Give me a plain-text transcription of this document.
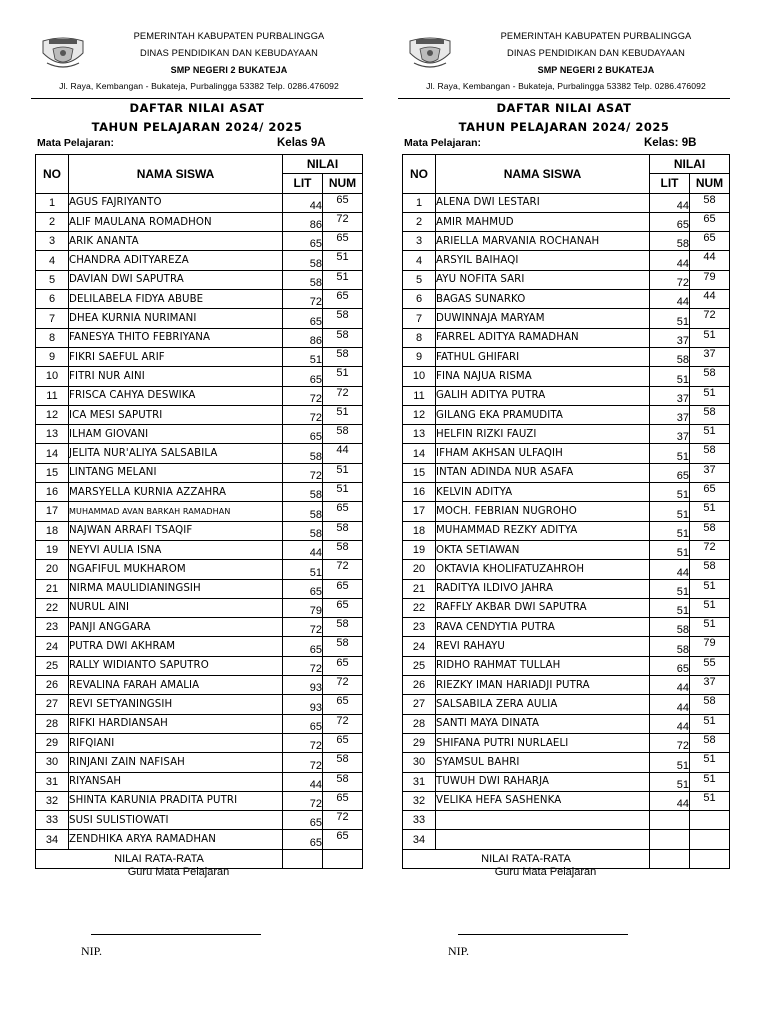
PEMERINTAH KABUPATEN PURBALINGGA
DINAS PENDIDIKAN DAN KEBUDAYAAN
SMP NEGERI 2 BUKATEJA
Jl. Raya, Kembangan - Bukateja, Purbalingga 53382 Telp. 0286.476092
DAFTAR NILAI ASAT
TAHUN PELAJARAN 2024/ 2025
Mata Pelajaran:	Kelas 9A
NO	NAMA SISWA	NILAI	
		LIT	NUM
1	AGUS FAJRIYANTO	44	65
2	ALIF MAULANA ROMADHON	86	72
3	ARIK ANANTA	65	65
4	CHANDRA ADITYAREZA	58	51
5	DAVIAN DWI SAPUTRA	58	51
6	DELILABELA FIDYA ABUBE	72	65
7	DHEA KURNIA NURIMANI	65	58
8	FANESYA THITO FEBRIYANA	86	58
9	FIKRI SAEFUL ARIF	51	58
10	FITRI NUR AINI	65	51
11	FRISCA CAHYA DESWIKA	72	72
12	ICA MESI SAPUTRI	72	51
13	ILHAM GIOVANI	65	58
14	JELITA NUR'ALIYA SALSABILA	58	44
15	LINTANG MELANI	72	51
16	MARSYELLA KURNIA AZZAHRA	58	51
17	MUHAMMAD AVAN BARKAH RAMADHAN	58	65
18	NAJWAN ARRAFI TSAQIF	58	58
19	NEYVI AULIA ISNA	44	58
20	NGAFIFUL MUKHAROM	51	72
21	NIRMA MAULIDIANINGSIH	65	65
22	NURUL AINI	79	65
23	PANJI ANGGARA	72	58
24	PUTRA DWI AKHRAM	65	58
25	RALLY WIDIANTO SAPUTRO	72	65
26	REVALINA FARAH AMALIA	93	72
27	REVI SETYANINGSIH	93	65
28	RIFKI HARDIANSAH	65	72
29	RIFQIANI	72	65
30	RINJANI ZAIN NAFISAH	72	58
31	RIYANSAH	44	58
32	SHINTA KARUNIA PRADITA PUTRI	72	65
33	SUSI SULISTIOWATI	65	72
34	ZENDHIKA ARYA RAMADHAN	65	65
NILAI RATA-RATA			
Guru Mata Pelajaran
NIP.
PEMERINTAH KABUPATEN PURBALINGGA
DINAS PENDIDIKAN DAN KEBUDAYAAN
SMP NEGERI 2 BUKATEJA
Jl. Raya, Kembangan - Bukateja, Purbalingga 53382 Telp. 0286.476092
DAFTAR NILAI ASAT
TAHUN PELAJARAN 2024/ 2025
Mata Pelajaran:	Kelas: 9B
NO	NAMA SISWA	NILAI	
		LIT	NUM
1	ALENA DWI LESTARI	44	58
2	AMIR MAHMUD	65	65
3	ARIELLA MARVANIA ROCHANAH	58	65
4	ARSYIL BAIHAQI	44	44
5	AYU NOFITA SARI	72	79
6	BAGAS SUNARKO	44	44
7	DUWINNAJA MARYAM	51	72
8	FARREL ADITYA RAMADHAN	37	51
9	FATHUL GHIFARI	58	37
10	FINA NAJUA RISMA	51	58
11	GALIH ADITYA PUTRA	37	51
12	GILANG EKA PRAMUDITA	37	58
13	HELFIN RIZKI FAUZI	37	51
14	IFHAM AKHSAN ULFAQIH	51	58
15	INTAN ADINDA NUR ASAFA	65	37
16	KELVIN ADITYA	51	65
17	MOCH. FEBRIAN NUGROHO	51	51
18	MUHAMMAD REZKY ADITYA	51	58
19	OKTA SETIAWAN	51	72
20	OKTAVIA KHOLIFATUZAHROH	44	58
21	RADITYA ILDIVO JAHRA	51	51
22	RAFFLY AKBAR DWI SAPUTRA	51	51
23	RAVA CENDYTIA PUTRA	58	51
24	REVI RAHAYU	58	79
25	RIDHO RAHMAT TULLAH	65	55
26	RIEZKY IMAN HARIADJI PUTRA	44	37
27	SALSABILA ZERA AULIA	44	58
28	SANTI MAYA DINATA	44	51
29	SHIFANA PUTRI NURLAELI	72	58
30	SYAMSUL BAHRI	51	51
31	TUWUH DWI RAHARJA	51	51
32	VELIKA HEFA SASHENKA	44	51
33			
34			
NILAI RATA-RATA			
Guru Mata Pelajaran
NIP.
